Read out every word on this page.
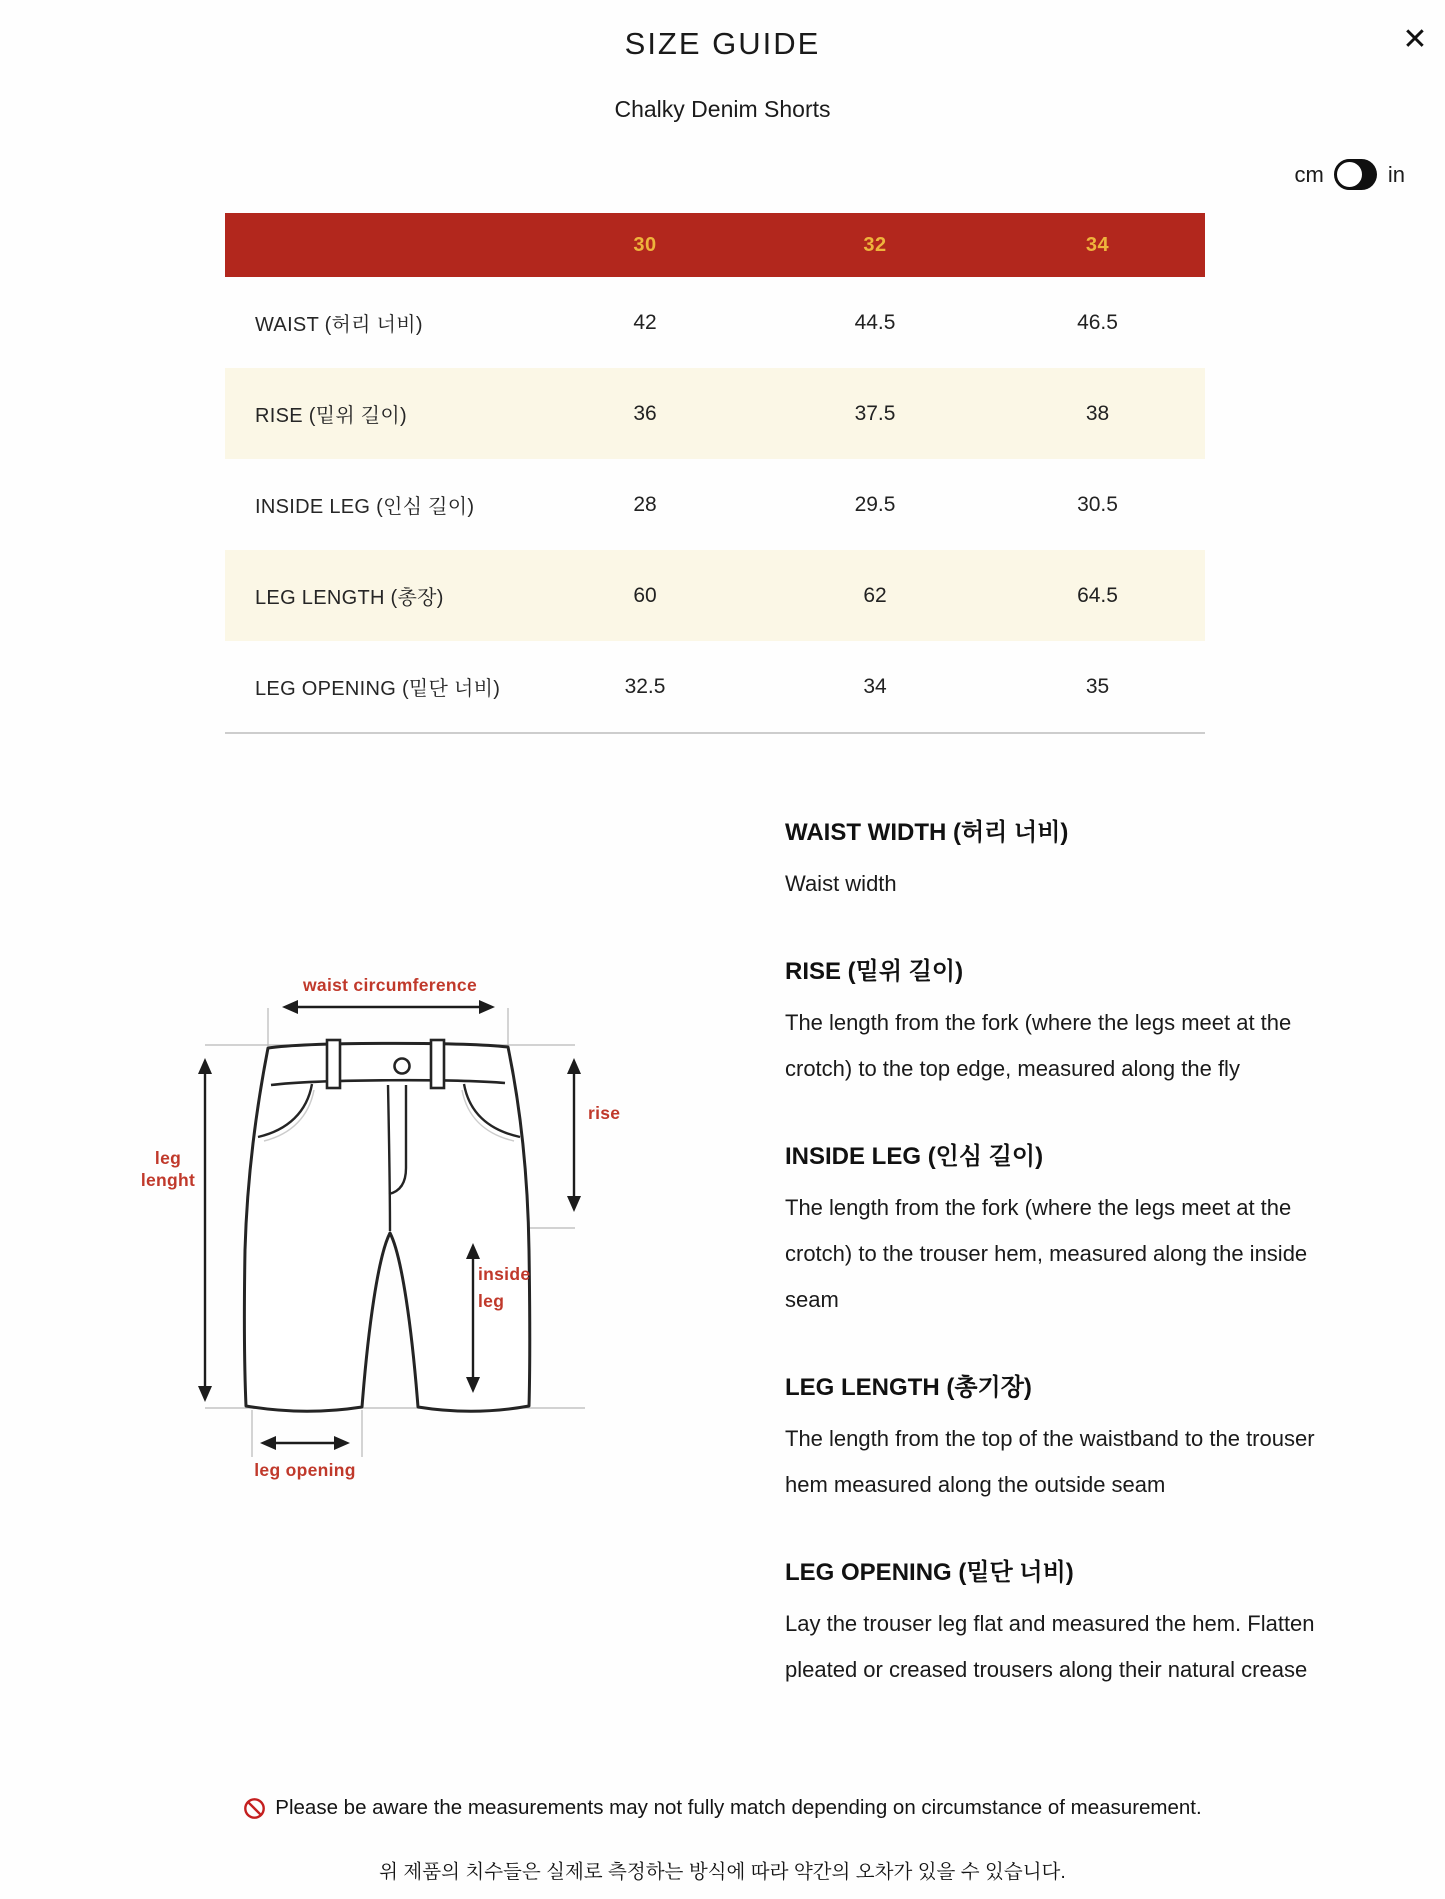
SIZE GUIDE
Chalky Denim Shorts
✕
cm	in
30	32	34
WAIST (허리 너비)	42	44.5	46.5
RISE (밑위 길이)	36	37.5	38
INSIDE LEG (인심 길이)	28	29.5	30.5
LEG LENGTH (총장)	60	62	64.5
LEG OPENING (밑단 너비)	32.5	34	35
waist circumference
rise
leg
lenght
inside
leg
leg opening
WAIST WIDTH (허리 너비)

Waist width

RISE (밑위 길이)

The length from the fork (where the legs meet at the crotch) to the top edge, measured along the fly

INSIDE LEG (인심 길이)

The length from the fork (where the legs meet at the crotch) to the trouser hem, measured along the inside seam

LEG LENGTH (총기장)

The length from the top of the waistband to the trouser hem measured along the outside seam

LEG OPENING (밑단 너비)

Lay the trouser leg flat and measured the hem. Flatten pleated or creased trousers along their natural crease

Please be aware the measurements may not fully match depending on circumstance of measurement.
위 제품의 치수들은 실제로 측정하는 방식에 따라 약간의 오차가 있을 수 있습니다.
